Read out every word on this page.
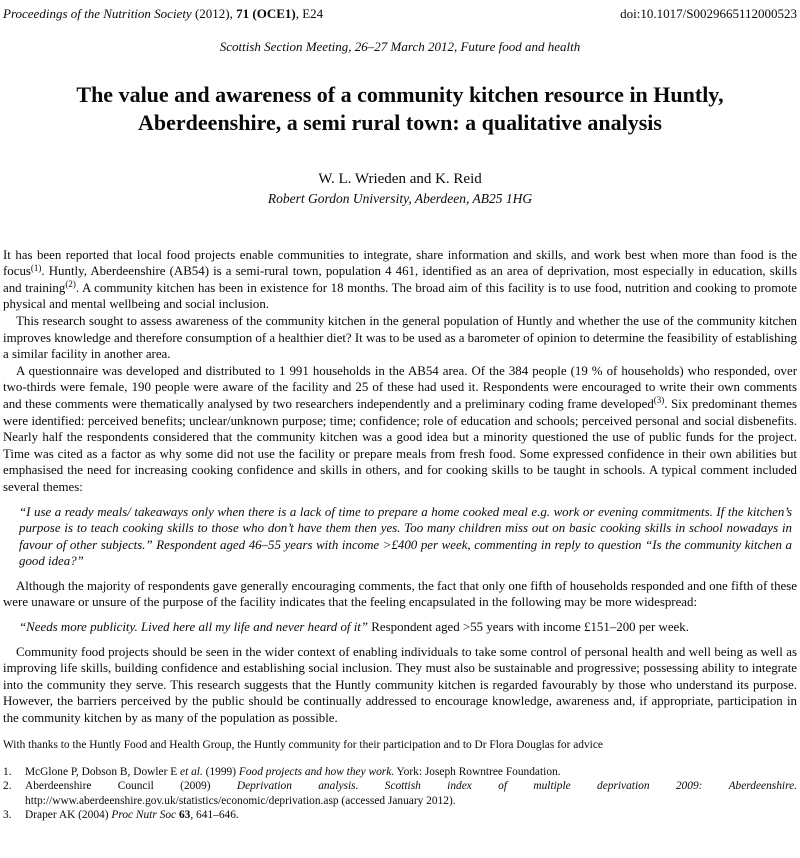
Proceedings of the Nutrition Society (2012), 71 (OCE1), E24	doi:10.1017/S0029665112000523
Scottish Section Meeting, 26–27 March 2012, Future food and health
The value and awareness of a community kitchen resource in Huntly, Aberdeenshire, a semi rural town: a qualitative analysis
W. L. Wrieden and K. Reid
Robert Gordon University, Aberdeen, AB25 1HG

It has been reported that local food projects enable communities to integrate, share information and skills, and work best when more than food is the focus$^{(1)}$. Huntly, Aberdeenshire (AB54) is a semi-rural town, population 4 461, identified as an area of deprivation, most especially in education, skills and training$^{(2)}$. A community kitchen has been in existence for 18 months. The broad aim of this facility is to use food, nutrition and cooking to promote physical and mental wellbeing and social inclusion.

This research sought to assess awareness of the community kitchen in the general population of Huntly and whether the use of the community kitchen improves knowledge and therefore consumption of a healthier diet? It was to be used as a barometer of opinion to determine the feasibility of establishing a similar facility in another area.

A questionnaire was developed and distributed to 1 991 households in the AB54 area. Of the 384 people (19 % of households) who responded, over two-thirds were female, 190 people were aware of the facility and 25 of these had used it. Respondents were encouraged to write their own comments and these comments were thematically analysed by two researchers independently and a preliminary coding frame developed$^{(3)}$. Six predominant themes were identified: perceived benefits; unclear/unknown purpose; time; confidence; role of education and schools; perceived personal and social disbenefits. Nearly half the respondents considered that the community kitchen was a good idea but a minority questioned the use of public funds for the project. Time was cited as a factor as why some did not use the facility or prepare meals from fresh food. Some expressed confidence in their own abilities but emphasised the need for increasing cooking confidence and skills in others, and for cooking skills to be taught in schools. A typical comment included several themes:

“I use a ready meals/ takeaways only when there is a lack of time to prepare a home cooked meal e.g. work or evening commitments. If the kitchen’s purpose is to teach cooking skills to those who don’t have them then yes. Too many children miss out on basic cooking skills in school nowadays in favour of other subjects.” Respondent aged 46–55 years with income >£400 per week, commenting in reply to question “Is the community kitchen a good idea?”

Although the majority of respondents gave generally encouraging comments, the fact that only one fifth of households responded and one fifth of these were unaware or unsure of the purpose of the facility indicates that the feeling encapsulated in the following may be more widespread:

“Needs more publicity. Lived here all my life and never heard of it” Respondent aged >55 years with income £151–200 per week.

Community food projects should be seen in the wider context of enabling individuals to take some control of personal health and well being as well as improving life skills, building confidence and establishing social inclusion. They must also be sustainable and progressive; possessing ability to integrate into the community they serve. This research suggests that the Huntly community kitchen is regarded favourably by those who understand its purpose. However, the barriers perceived by the public should be continually addressed to encourage knowledge, awareness and, if appropriate, participation in the community kitchen by as many of the population as possible.

With thanks to the Huntly Food and Health Group, the Huntly community for their participation and to Dr Flora Douglas for advice
1. McGlone P, Dobson B, Dowler E et al. (1999) Food projects and how they work. York: Joseph Rowntree Foundation.
2. Aberdeenshire Council (2009) Deprivation analysis. Scottish index of multiple deprivation 2009: Aberdeenshire. http://www.aberdeenshire.gov.uk/statistics/economic/deprivation.asp (accessed January 2012).
3. Draper AK (2004) Proc Nutr Soc 63, 641–646.
